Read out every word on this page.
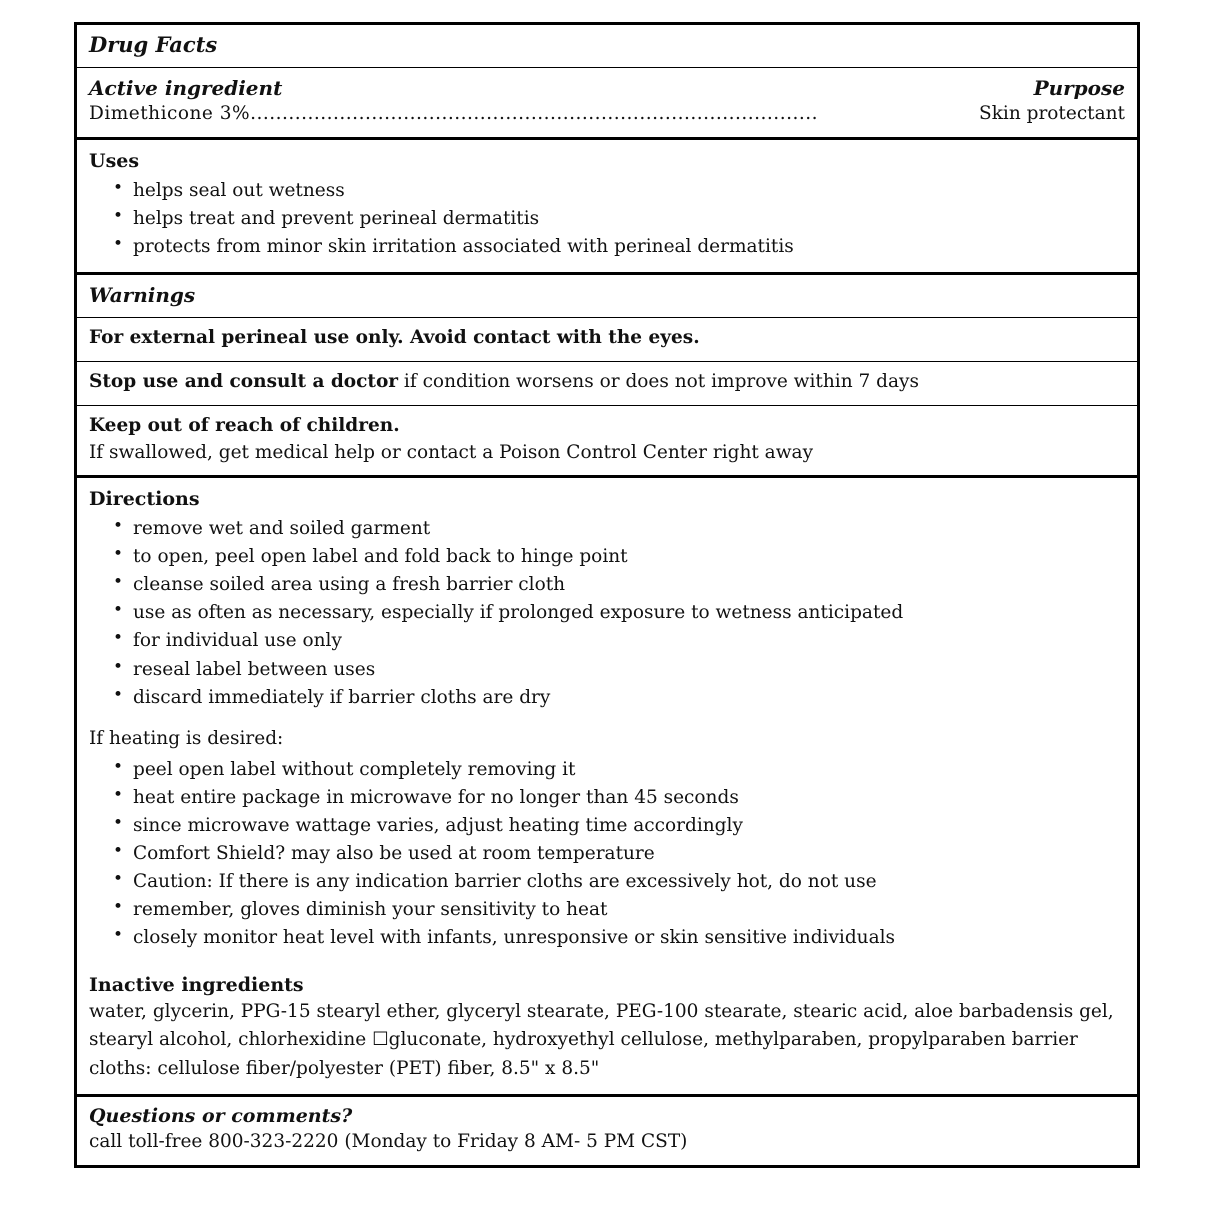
Drug Facts
Active ingredient
Dimethicone 3%.........................................................................................
Purpose
Skin protectant
Uses
• helps seal out wetness
• helps treat and prevent perineal dermatitis
• protects from minor skin irritation associated with perineal dermatitis
Warnings
For external perineal use only. Avoid contact with the eyes.
Stop use and consult a doctor if condition worsens or does not improve within 7 days
Keep out of reach of children.
If swallowed, get medical help or contact a Poison Control Center right away
Directions
• remove wet and soiled garment
• to open, peel open label and fold back to hinge point
• cleanse soiled area using a fresh barrier cloth
• use as often as necessary, especially if prolonged exposure to wetness anticipated
• for individual use only
• reseal label between uses
• discard immediately if barrier cloths are dry
If heating is desired:
• peel open label without completely removing it
• heat entire package in microwave for no longer than 45 seconds
• since microwave wattage varies, adjust heating time accordingly
• Comfort Shield? may also be used at room temperature
• Caution: If there is any indication barrier cloths are excessively hot, do not use
• remember, gloves diminish your sensitivity to heat
• closely monitor heat level with infants, unresponsive or skin sensitive individuals
Inactive ingredients
water, glycerin, PPG-15 stearyl ether, glyceryl stearate, PEG-100 stearate, stearic acid, aloe barbadensis gel, stearyl alcohol, chlorhexidine ☐gluconate, hydroxyethyl cellulose, methylparaben, propylparaben barrier cloths: cellulose fiber/polyester (PET) fiber, 8.5" x 8.5"
Questions or comments?
call toll-free 800-323-2220 (Monday to Friday 8 AM- 5 PM CST)
